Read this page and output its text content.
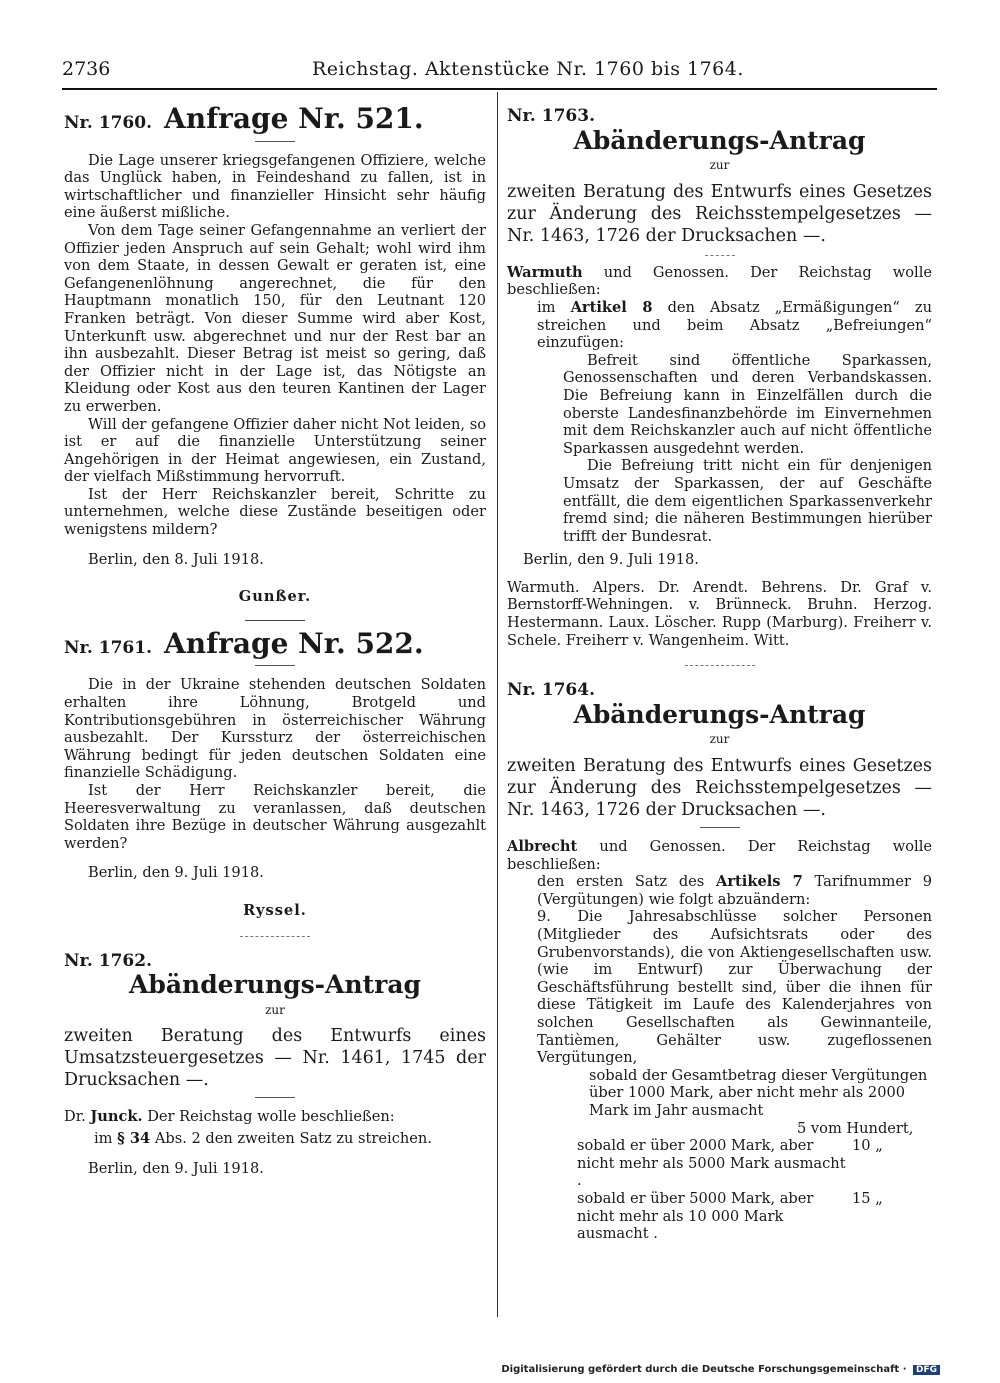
2736	Reichstag. Aktenstücke Nr. 1760 bis 1764.
Nr. 1760. Anfrage Nr. 521.

Die Lage unserer kriegsgefangenen Offiziere, welche das Unglück haben, in Feindeshand zu fallen, ist in wirtschaftlicher und finanzieller Hinsicht sehr häufig eine äußerst mißliche.

Von dem Tage seiner Gefangennahme an verliert der Offizier jeden Anspruch auf sein Gehalt; wohl wird ihm von dem Staate, in dessen Gewalt er geraten ist, eine Gefangenenlöhnung angerechnet, die für den Hauptmann monatlich 150, für den Leutnant 120 Franken beträgt. Von dieser Summe wird aber Kost, Unterkunft usw. abgerechnet und nur der Rest bar an ihn ausbezahlt. Dieser Betrag ist meist so gering, daß der Offizier nicht in der Lage ist, das Nötigste an Kleidung oder Kost aus den teuren Kantinen der Lager zu erwerben.

Will der gefangene Offizier daher nicht Not leiden, so ist er auf die finanzielle Unterstützung seiner Angehörigen in der Heimat angewiesen, ein Zustand, der vielfach Mißstimmung hervorruft.

Ist der Herr Reichskanzler bereit, Schritte zu unternehmen, welche diese Zustände beseitigen oder wenigstens mildern?

Berlin, den 8. Juli 1918.

Gunßer.

Nr. 1761. Anfrage Nr. 522.

Die in der Ukraine stehenden deutschen Soldaten erhalten ihre Löhnung, Brotgeld und Kontributionsgebühren in österreichischer Währung ausbezahlt. Der Kurssturz der österreichischen Währung bedingt für jeden deutschen Soldaten eine finanzielle Schädigung.

Ist der Herr Reichskanzler bereit, die Heeresverwaltung zu veranlassen, daß deutschen Soldaten ihre Bezüge in deutscher Währung ausgezahlt werden?

Berlin, den 9. Juli 1918.

Ryssel.

Nr. 1762.
Abänderungs-Antrag
zur

zweiten Beratung des Entwurfs eines Umsatzsteuergesetzes — Nr. 1461, 1745 der Drucksachen —.

Dr. Junck. Der Reichstag wolle beschließen:

im § 34 Abs. 2 den zweiten Satz zu streichen.

Berlin, den 9. Juli 1918.

Nr. 1763.
Abänderungs-Antrag
zur

zweiten Beratung des Entwurfs eines Gesetzes zur Änderung des Reichsstempelgesetzes — Nr. 1463, 1726 der Drucksachen —.

Warmuth und Genossen. Der Reichstag wolle beschließen:

im Artikel 8 den Absatz „Ermäßigungen“ zu streichen und beim Absatz „Befreiungen“ einzufügen:

Befreit sind öffentliche Sparkassen, Genossenschaften und deren Verbandskassen. Die Befreiung kann in Einzelfällen durch die oberste Landesfinanzbehörde im Einvernehmen mit dem Reichskanzler auch auf nicht öffentliche Sparkassen ausgedehnt werden.

Die Befreiung tritt nicht ein für denjenigen Umsatz der Sparkassen, der auf Geschäfte entfällt, die dem eigentlichen Sparkassenverkehr fremd sind; die näheren Bestimmungen hierüber trifft der Bundesrat.

Berlin, den 9. Juli 1918.

Warmuth. Alpers. Dr. Arendt. Behrens. Dr. Graf v. Bernstorff-Wehningen. v. Brünneck. Bruhn. Herzog. Hestermann. Laux. Löscher. Rupp (Marburg). Freiherr v. Schele. Freiherr v. Wangenheim. Witt.

Nr. 1764.
Abänderungs-Antrag
zur

zweiten Beratung des Entwurfs eines Gesetzes zur Änderung des Reichsstempelgesetzes — Nr. 1463, 1726 der Drucksachen —.

Albrecht und Genossen. Der Reichstag wolle beschließen:

den ersten Satz des Artikels 7 Tarifnummer 9 (Vergütungen) wie folgt abzuändern:

9. Die Jahresabschlüsse solcher Personen (Mitglieder des Aufsichtsrats oder des Grubenvorstands), die von Aktiengesellschaften usw. (wie im Entwurf) zur Überwachung der Geschäftsführung bestellt sind, über die ihnen für diese Tätigkeit im Laufe des Kalenderjahres von solchen Gesellschaften als Gewinnanteile, Tantièmen, Gehälter usw. zugeflossenen Vergütungen,

sobald der Gesamtbetrag dieser Vergütungen über 1000 Mark, aber nicht mehr als 2000 Mark im Jahr ausmacht
5 vom Hundert,
sobald er über 2000 Mark, aber nicht mehr als 5000 Mark ausmacht .
10 „
sobald er über 5000 Mark, aber nicht mehr als 10 000 Mark ausmacht .
15 „
Digitalisierung gefördert durch die Deutsche Forschungsgemeinschaft · DFG
